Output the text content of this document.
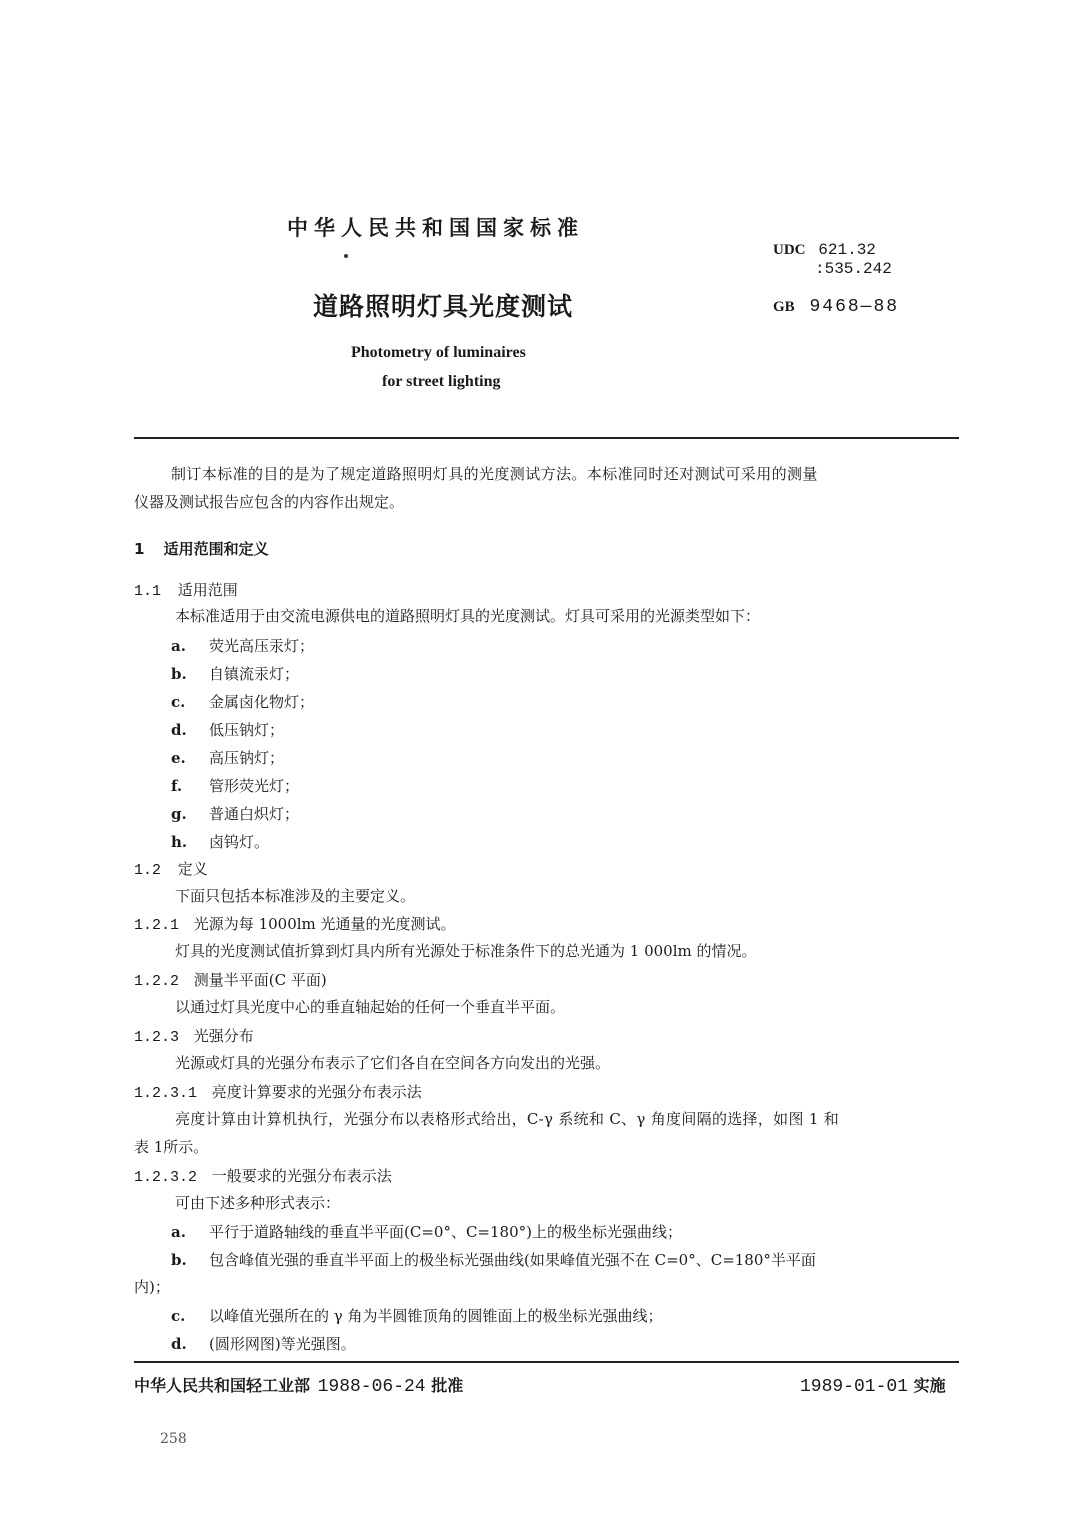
中华人民共和国国家标准
UDC 621.32
:535.242
道路照明灯具光度测试	GB 9468—88
Photometry of luminaires
for street lighting
制订本标准的目的是为了规定道路照明灯具的光度测试方法。本标准同时还对测试可采用的测量
仪器及测试报告应包含的内容作出规定。
1 适用范围和定义
1.1 适用范围
本标准适用于由交流电源供电的道路照明灯具的光度测试。灯具可采用的光源类型如下：
a. 荧光高压汞灯；
b. 自镇流汞灯；
c. 金属卤化物灯；
d. 低压钠灯；
e. 高压钠灯；
f. 管形荧光灯；
g. 普通白炽灯；
h. 卤钨灯。
1.2 定义
下面只包括本标准涉及的主要定义。
1.2.1 光源为每 1000lm 光通量的光度测试。
灯具的光度测试值折算到灯具内所有光源处于标准条件下的总光通为 1 000lm 的情况。
1.2.2 测量半平面(C 平面)
以通过灯具光度中心的垂直轴起始的任何一个垂直半平面。
1.2.3 光强分布
光源或灯具的光强分布表示了它们各自在空间各方向发出的光强。
1.2.3.1 亮度计算要求的光强分布表示法
亮度计算由计算机执行，光强分布以表格形式给出，C-γ 系统和 C、γ 角度间隔的选择，如图 1 和
表 1所示。
1.2.3.2 一般要求的光强分布表示法
可由下述多种形式表示：
a. 平行于道路轴线的垂直半平面(C=0°、C=180°)上的极坐标光强曲线；
b. 包含峰值光强的垂直半平面上的极坐标光强曲线(如果峰值光强不在 C=0°、C=180°半平面
内)；
c. 以峰值光强所在的 γ 角为半圆锥顶角的圆锥面上的极坐标光强曲线；
d. (圆形网图)等光强图。
中华人民共和国轻工业部 1988-06-24 批准	1989-01-01 实施
258
